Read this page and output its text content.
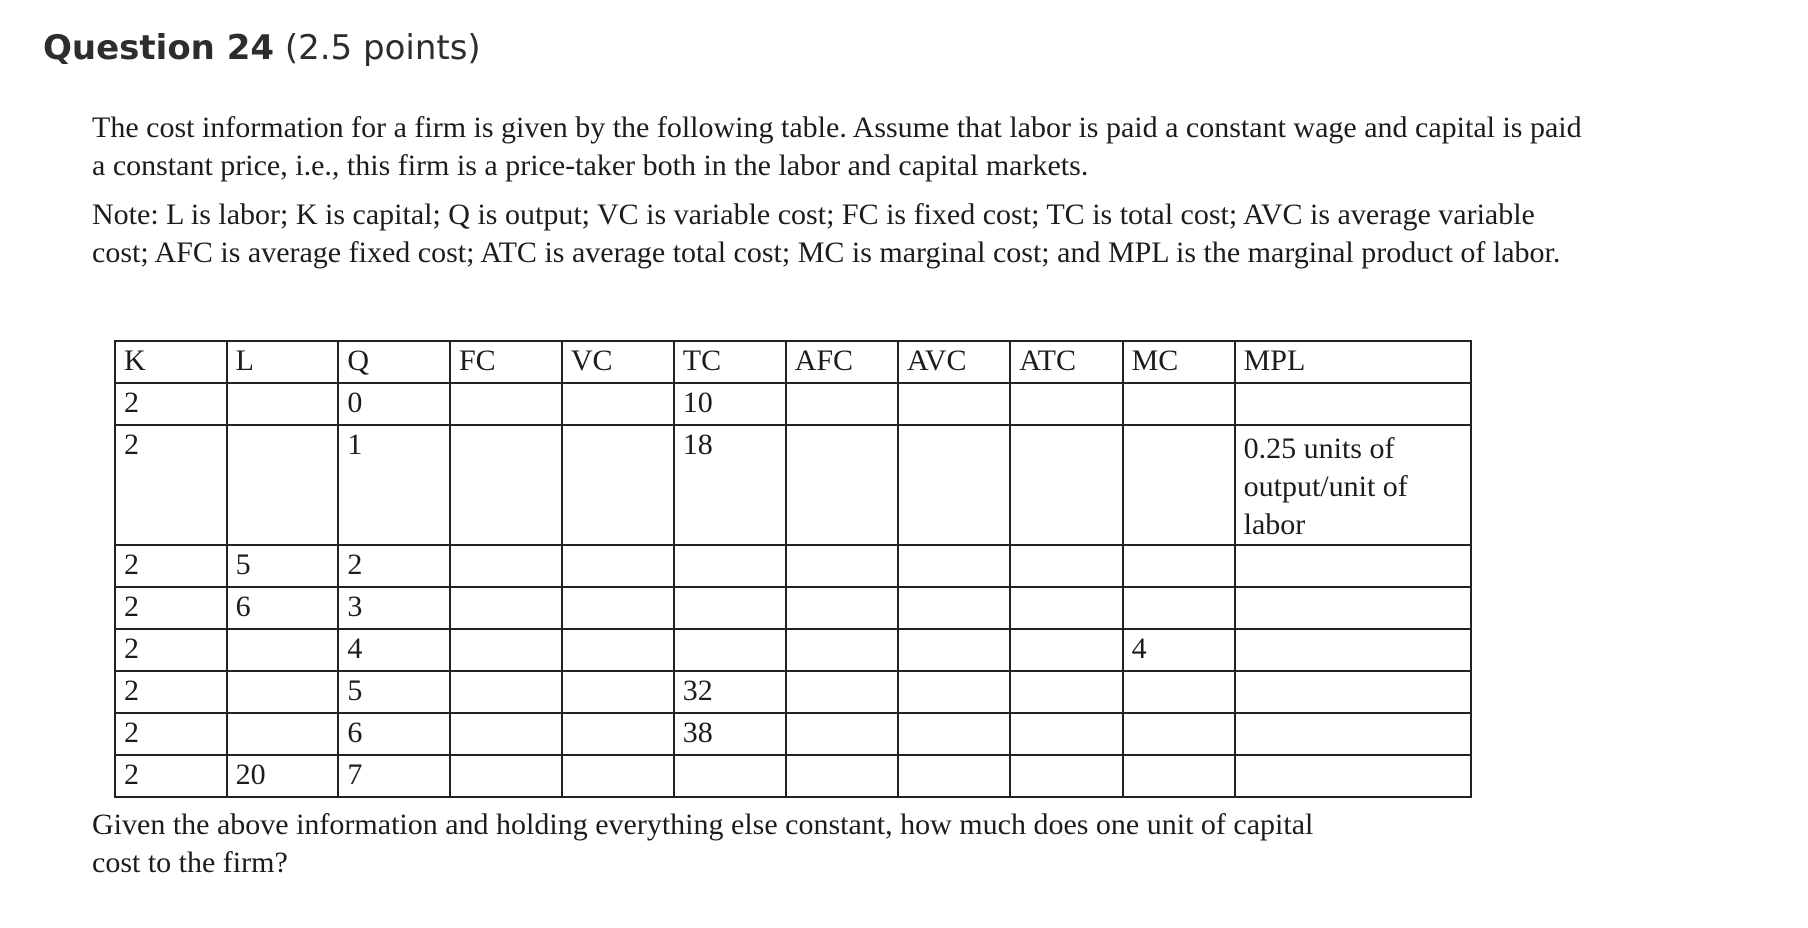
Question 24 (2.5 points)
The cost information for a firm is given by the following table. Assume that labor is paid a constant wage and capital is paid a constant price, i.e., this firm is a price-taker both in the labor and capital markets.
Note: L is labor; K is capital; Q is output; VC is variable cost; FC is fixed cost; TC is total cost; AVC is average variable cost; AFC is average fixed cost; ATC is average total cost; MC is marginal cost; and MPL is the marginal product of labor.
K	L	Q	FC	VC	TC	AFC	AVC	ATC	MC	MPL
2		0			10					
2		1			18					0.25 units of output/unit of labor

2	5	2								
2	6	3								
2		4							4	
2		5			32					
2		6			38					
2	20	7								
Given the above information and holding everything else constant, how much does one unit of capital cost to the firm?
